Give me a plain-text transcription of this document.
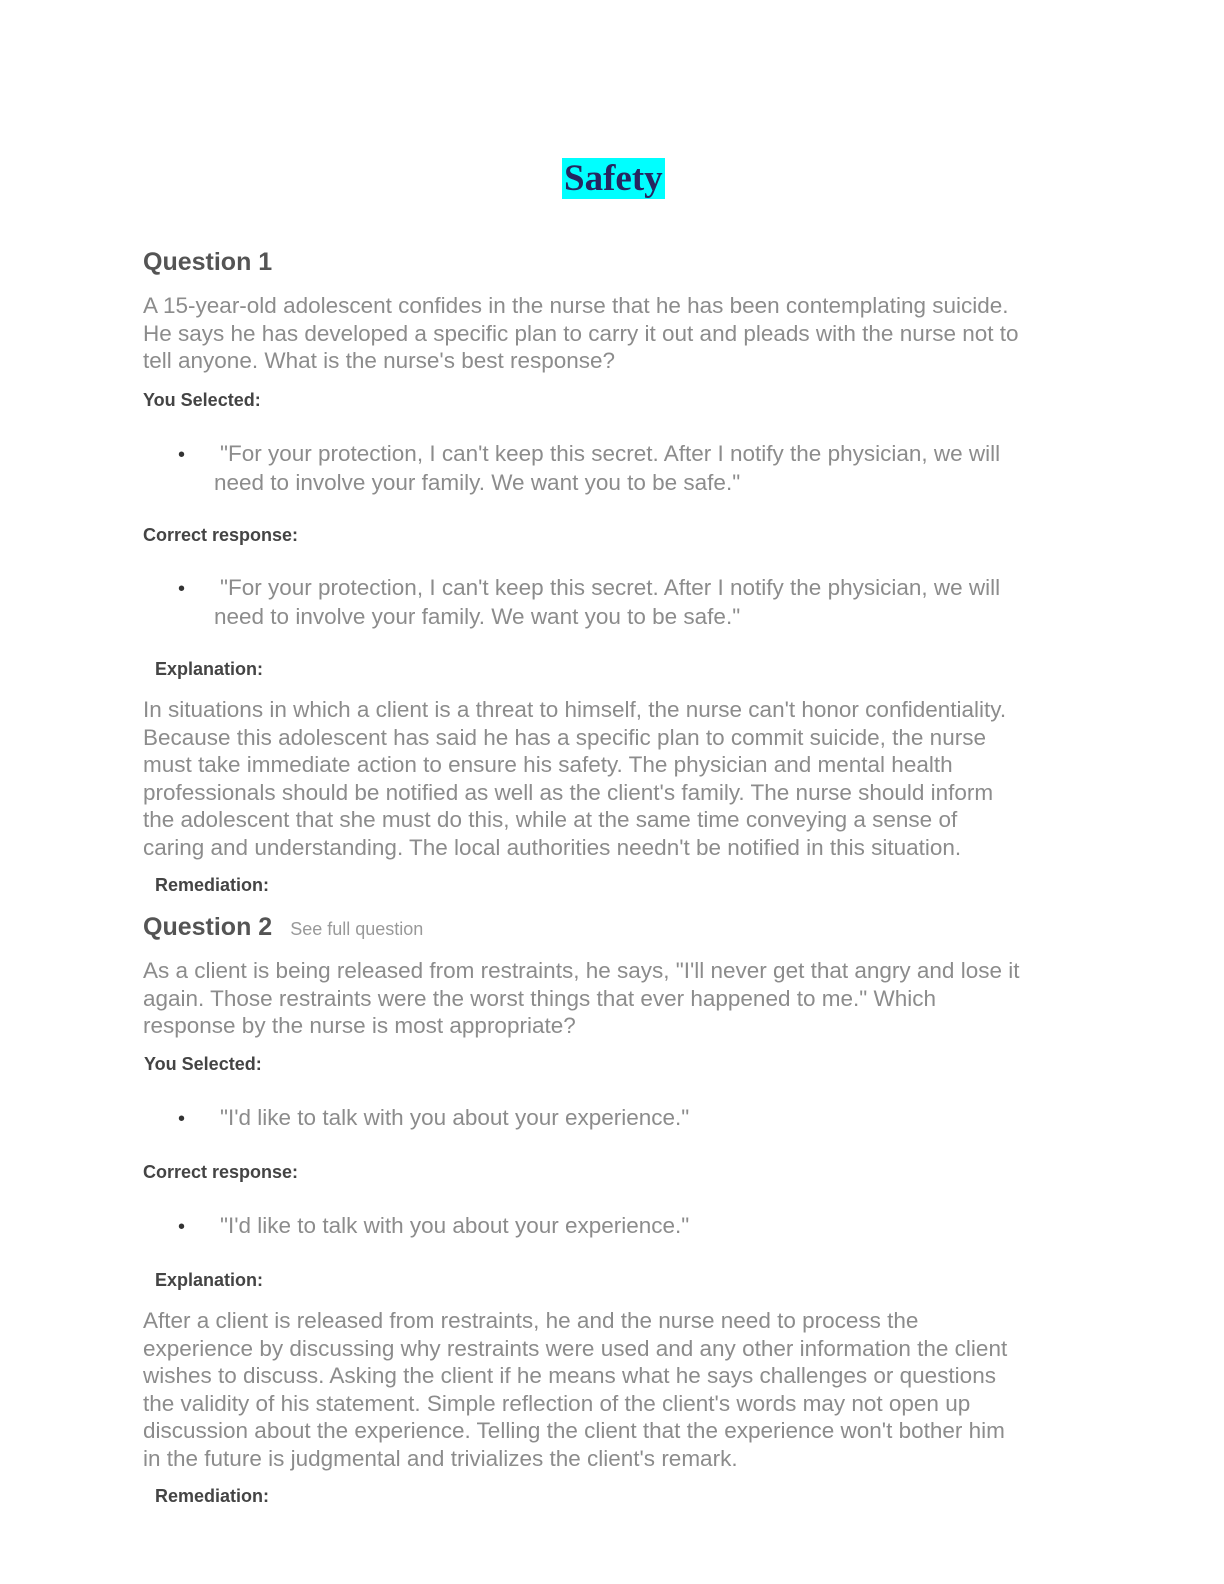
Safety
Question 1
A 15-year-old adolescent confides in the nurse that he has been contemplating suicide.
He says he has developed a specific plan to carry it out and pleads with the nurse not to
tell anyone. What is the nurse's best response?
You Selected:
• "For your protection, I can't keep this secret. After I notify the physician, we will
need to involve your family. We want you to be safe."
Correct response:
• "For your protection, I can't keep this secret. After I notify the physician, we will
need to involve your family. We want you to be safe."
Explanation:
In situations in which a client is a threat to himself, the nurse can't honor confidentiality.
Because this adolescent has said he has a specific plan to commit suicide, the nurse
must take immediate action to ensure his safety. The physician and mental health
professionals should be notified as well as the client's family. The nurse should inform
the adolescent that she must do this, while at the same time conveying a sense of
caring and understanding. The local authorities needn't be notified in this situation.
Remediation:
Question 2 See full question
As a client is being released from restraints, he says, "I'll never get that angry and lose it
again. Those restraints were the worst things that ever happened to me." Which
response by the nurse is most appropriate?
You Selected:
• "I'd like to talk with you about your experience."
Correct response:
• "I'd like to talk with you about your experience."
Explanation:
After a client is released from restraints, he and the nurse need to process the
experience by discussing why restraints were used and any other information the client
wishes to discuss. Asking the client if he means what he says challenges or questions
the validity of his statement. Simple reflection of the client's words may not open up
discussion about the experience. Telling the client that the experience won't bother him
in the future is judgmental and trivializes the client's remark.
Remediation:
